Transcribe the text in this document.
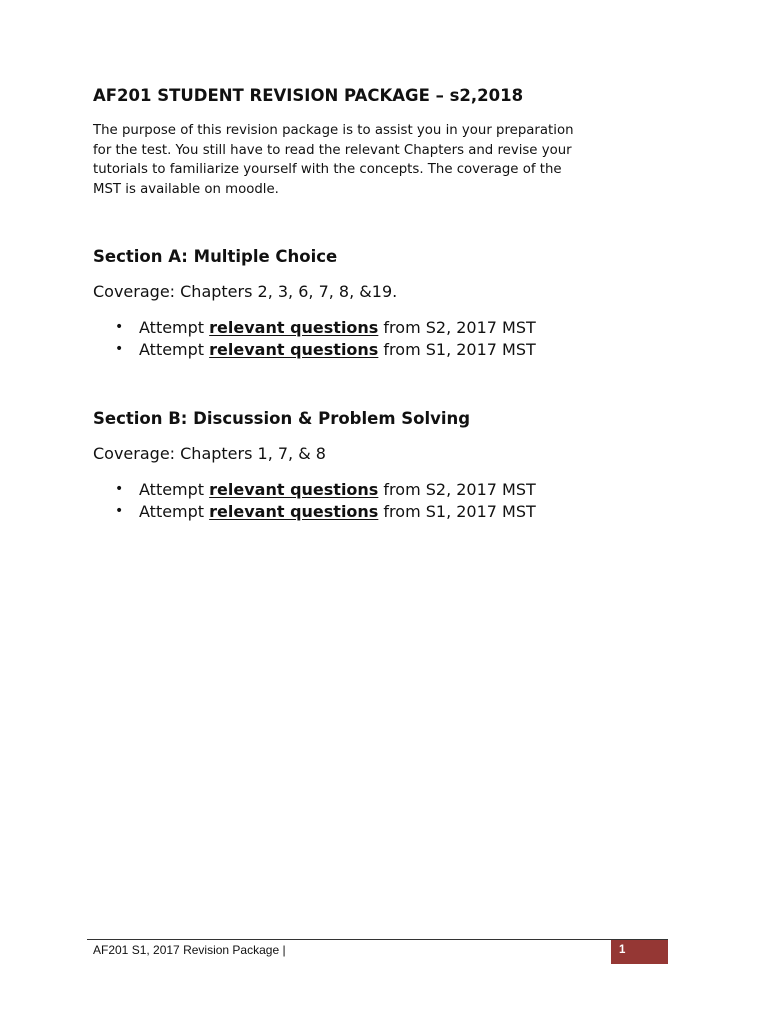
AF201 STUDENT REVISION PACKAGE – s2,2018

The purpose of this revision package is to assist you in your preparation
for the test. You still have to read the relevant Chapters and revise your
tutorials to familiarize yourself with the concepts. The coverage of the
MST is available on moodle.

Section A: Multiple Choice

Coverage: Chapters 2, 3, 6, 7, 8, &19.

• Attempt relevant questions from S2, 2017 MST
• Attempt relevant questions from S1, 2017 MST
Section B: Discussion & Problem Solving

Coverage: Chapters 1, 7, & 8

• Attempt relevant questions from S2, 2017 MST
• Attempt relevant questions from S1, 2017 MST
AF201 S1, 2017 Revision Package |	1
